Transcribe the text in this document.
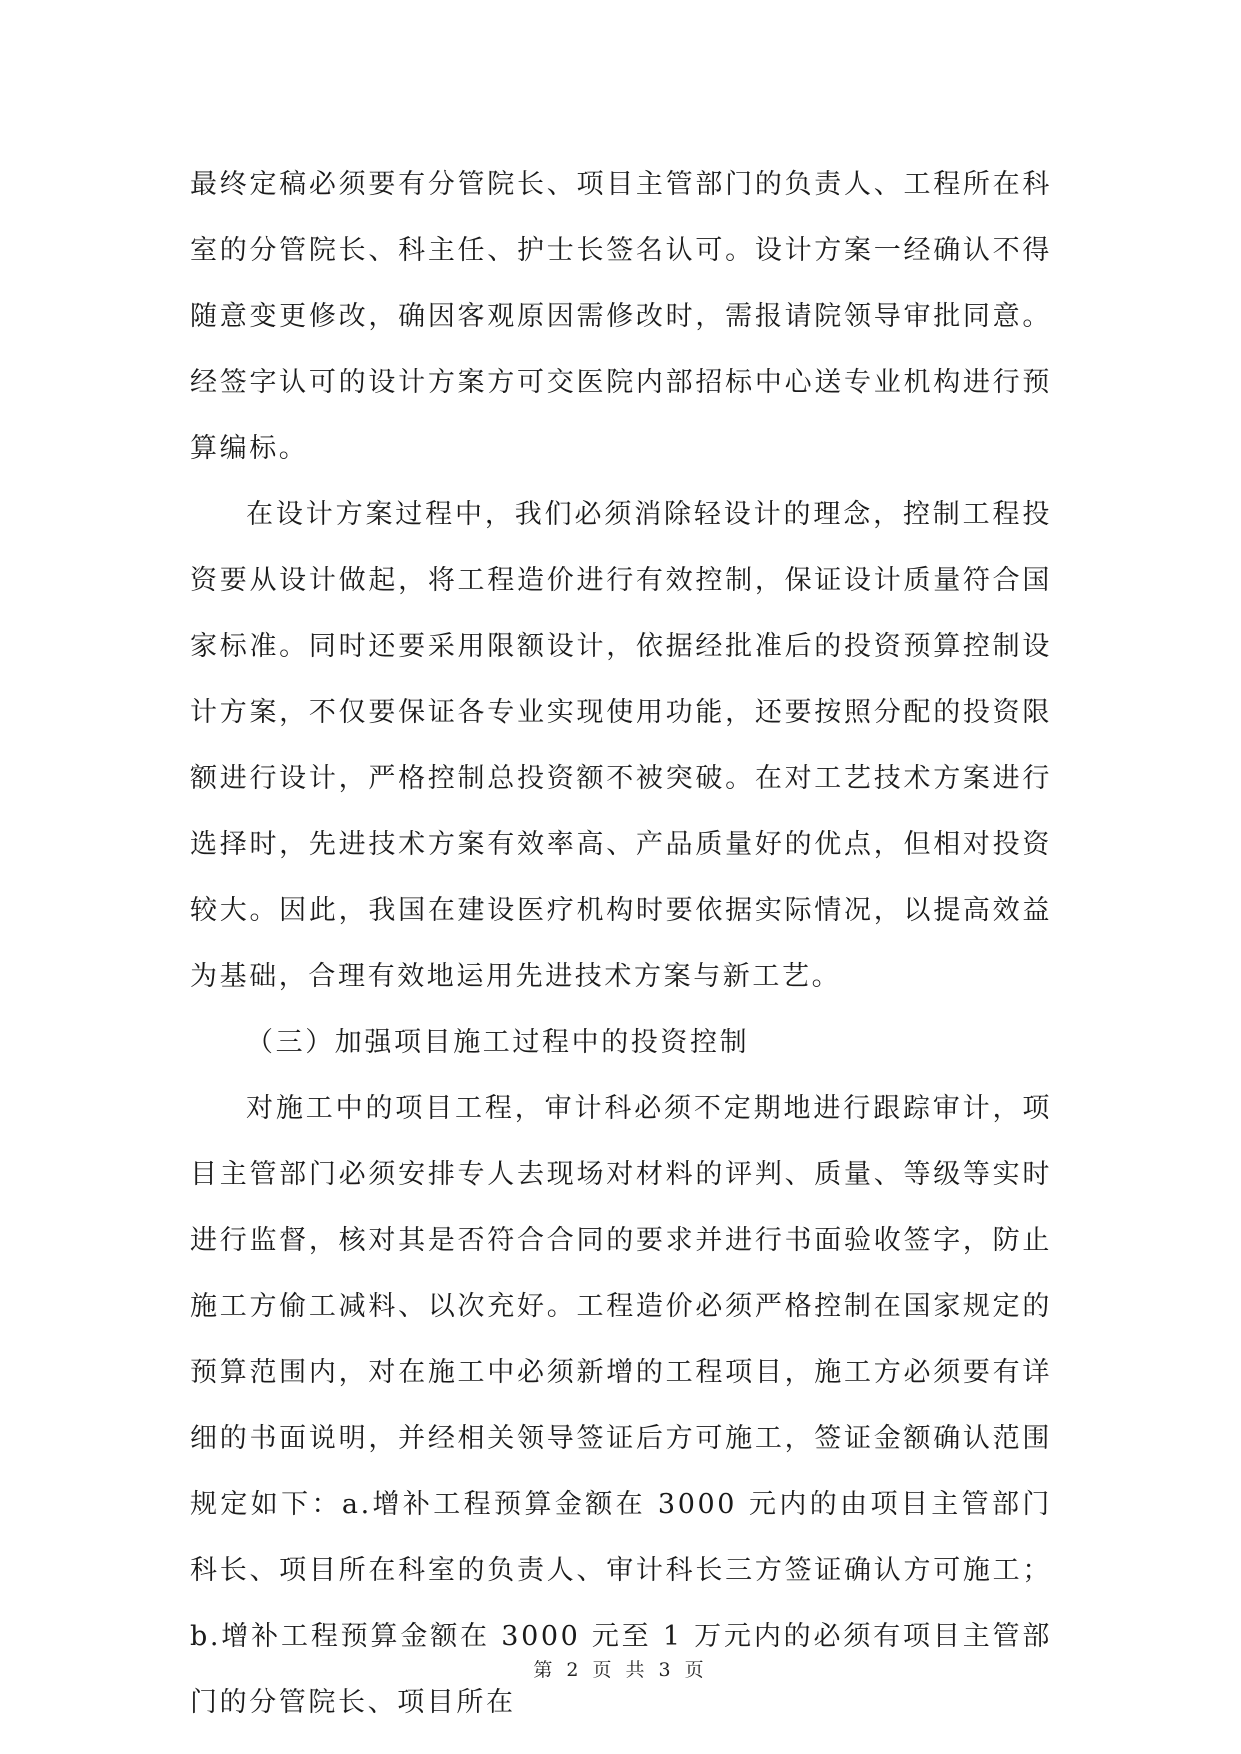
最终定稿必须要有分管院长、项目主管部门的负责人、工程所在科室的分管院长、科主任、护士长签名认可。设计方案一经确认不得随意变更修改，确因客观原因需修改时，需报请院领导审批同意。经签字认可的设计方案方可交医院内部招标中心送专业机构进行预算编标。

在设计方案过程中，我们必须消除轻设计的理念，控制工程投资要从设计做起，将工程造价进行有效控制，保证设计质量符合国家标准。同时还要采用限额设计，依据经批准后的投资预算控制设计方案，不仅要保证各专业实现使用功能，还要按照分配的投资限额进行设计，严格控制总投资额不被突破。在对工艺技术方案进行选择时，先进技术方案有效率高、产品质量好的优点，但相对投资较大。因此，我国在建设医疗机构时要依据实际情况，以提高效益为基础，合理有效地运用先进技术方案与新工艺。

（三）加强项目施工过程中的投资控制

对施工中的项目工程，审计科必须不定期地进行跟踪审计，项目主管部门必须安排专人去现场对材料的评判、质量、等级等实时进行监督，核对其是否符合合同的要求并进行书面验收签字，防止施工方偷工减料、以次充好。工程造价必须严格控制在国家规定的预算范围内，对在施工中必须新增的工程项目，施工方必须要有详细的书面说明，并经相关领导签证后方可施工，签证金额确认范围规定如下：a.增补工程预算金额在 3000 元内的由项目主管部门科长、项目所在科室的负责人、审计科长三方签证确认方可施工；b.增补工程预算金额在 3000 元至 1 万元内的必须有项目主管部门的分管院长、项目所在

第 2 页 共 3 页
